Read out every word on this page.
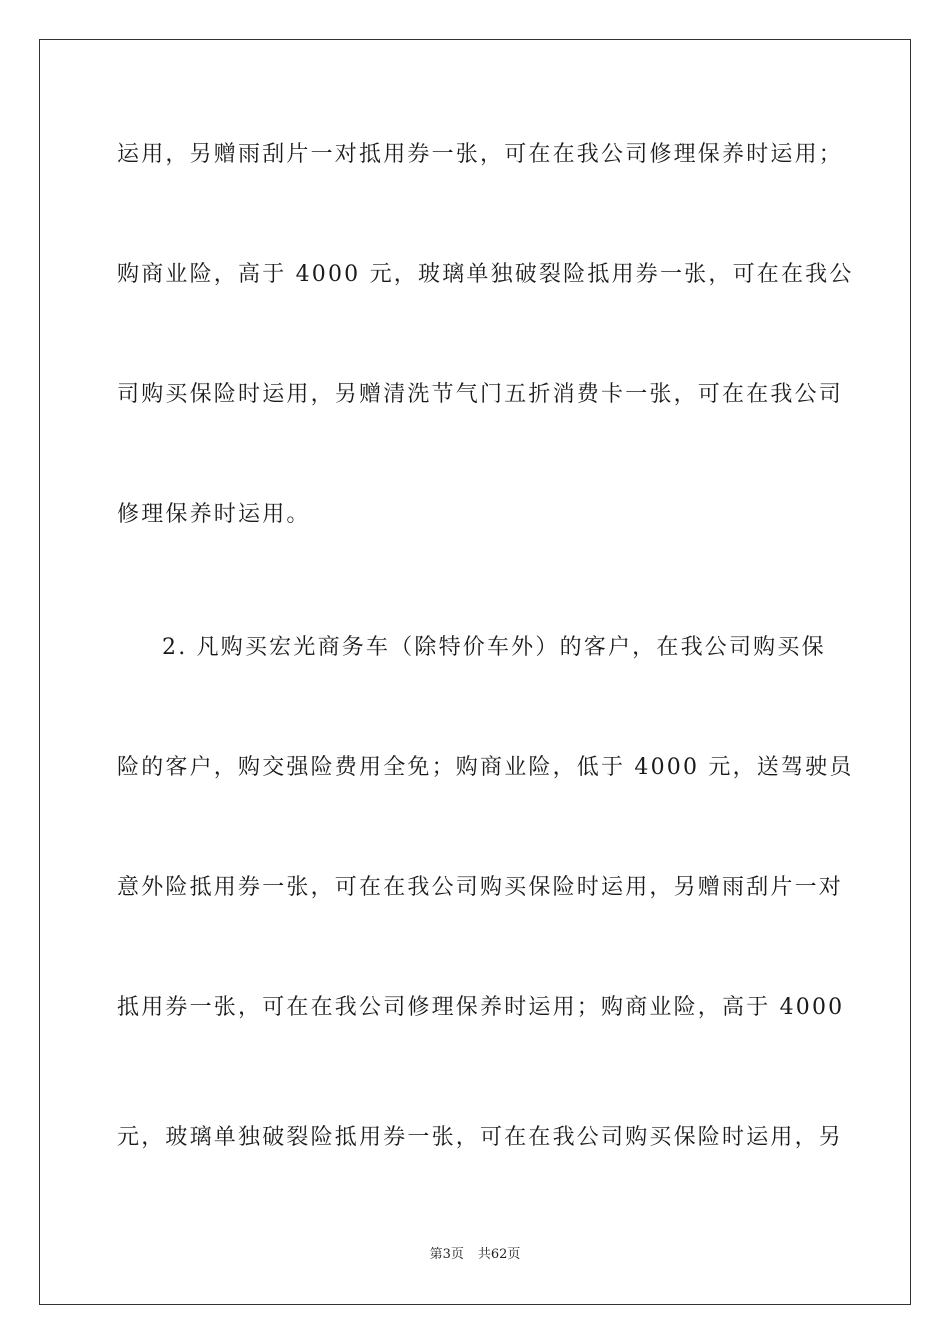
运用，另赠雨刮片一对抵用券一张，可在在我公司修理保养时运用；
购商业险，高于 4000 元，玻璃单独破裂险抵用券一张，可在在我公
司购买保险时运用，另赠清洗节气门五折消费卡一张，可在在我公司
修理保养时运用。
2. 凡购买宏光商务车（除特价车外）的客户，在我公司购买保
险的客户，购交强险费用全免；购商业险，低于 4000 元，送驾驶员
意外险抵用券一张，可在在我公司购买保险时运用，另赠雨刮片一对
抵用券一张，可在在我公司修理保养时运用；购商业险，高于 4000
元，玻璃单独破裂险抵用券一张，可在在我公司购买保险时运用，另
第3页 共62页
